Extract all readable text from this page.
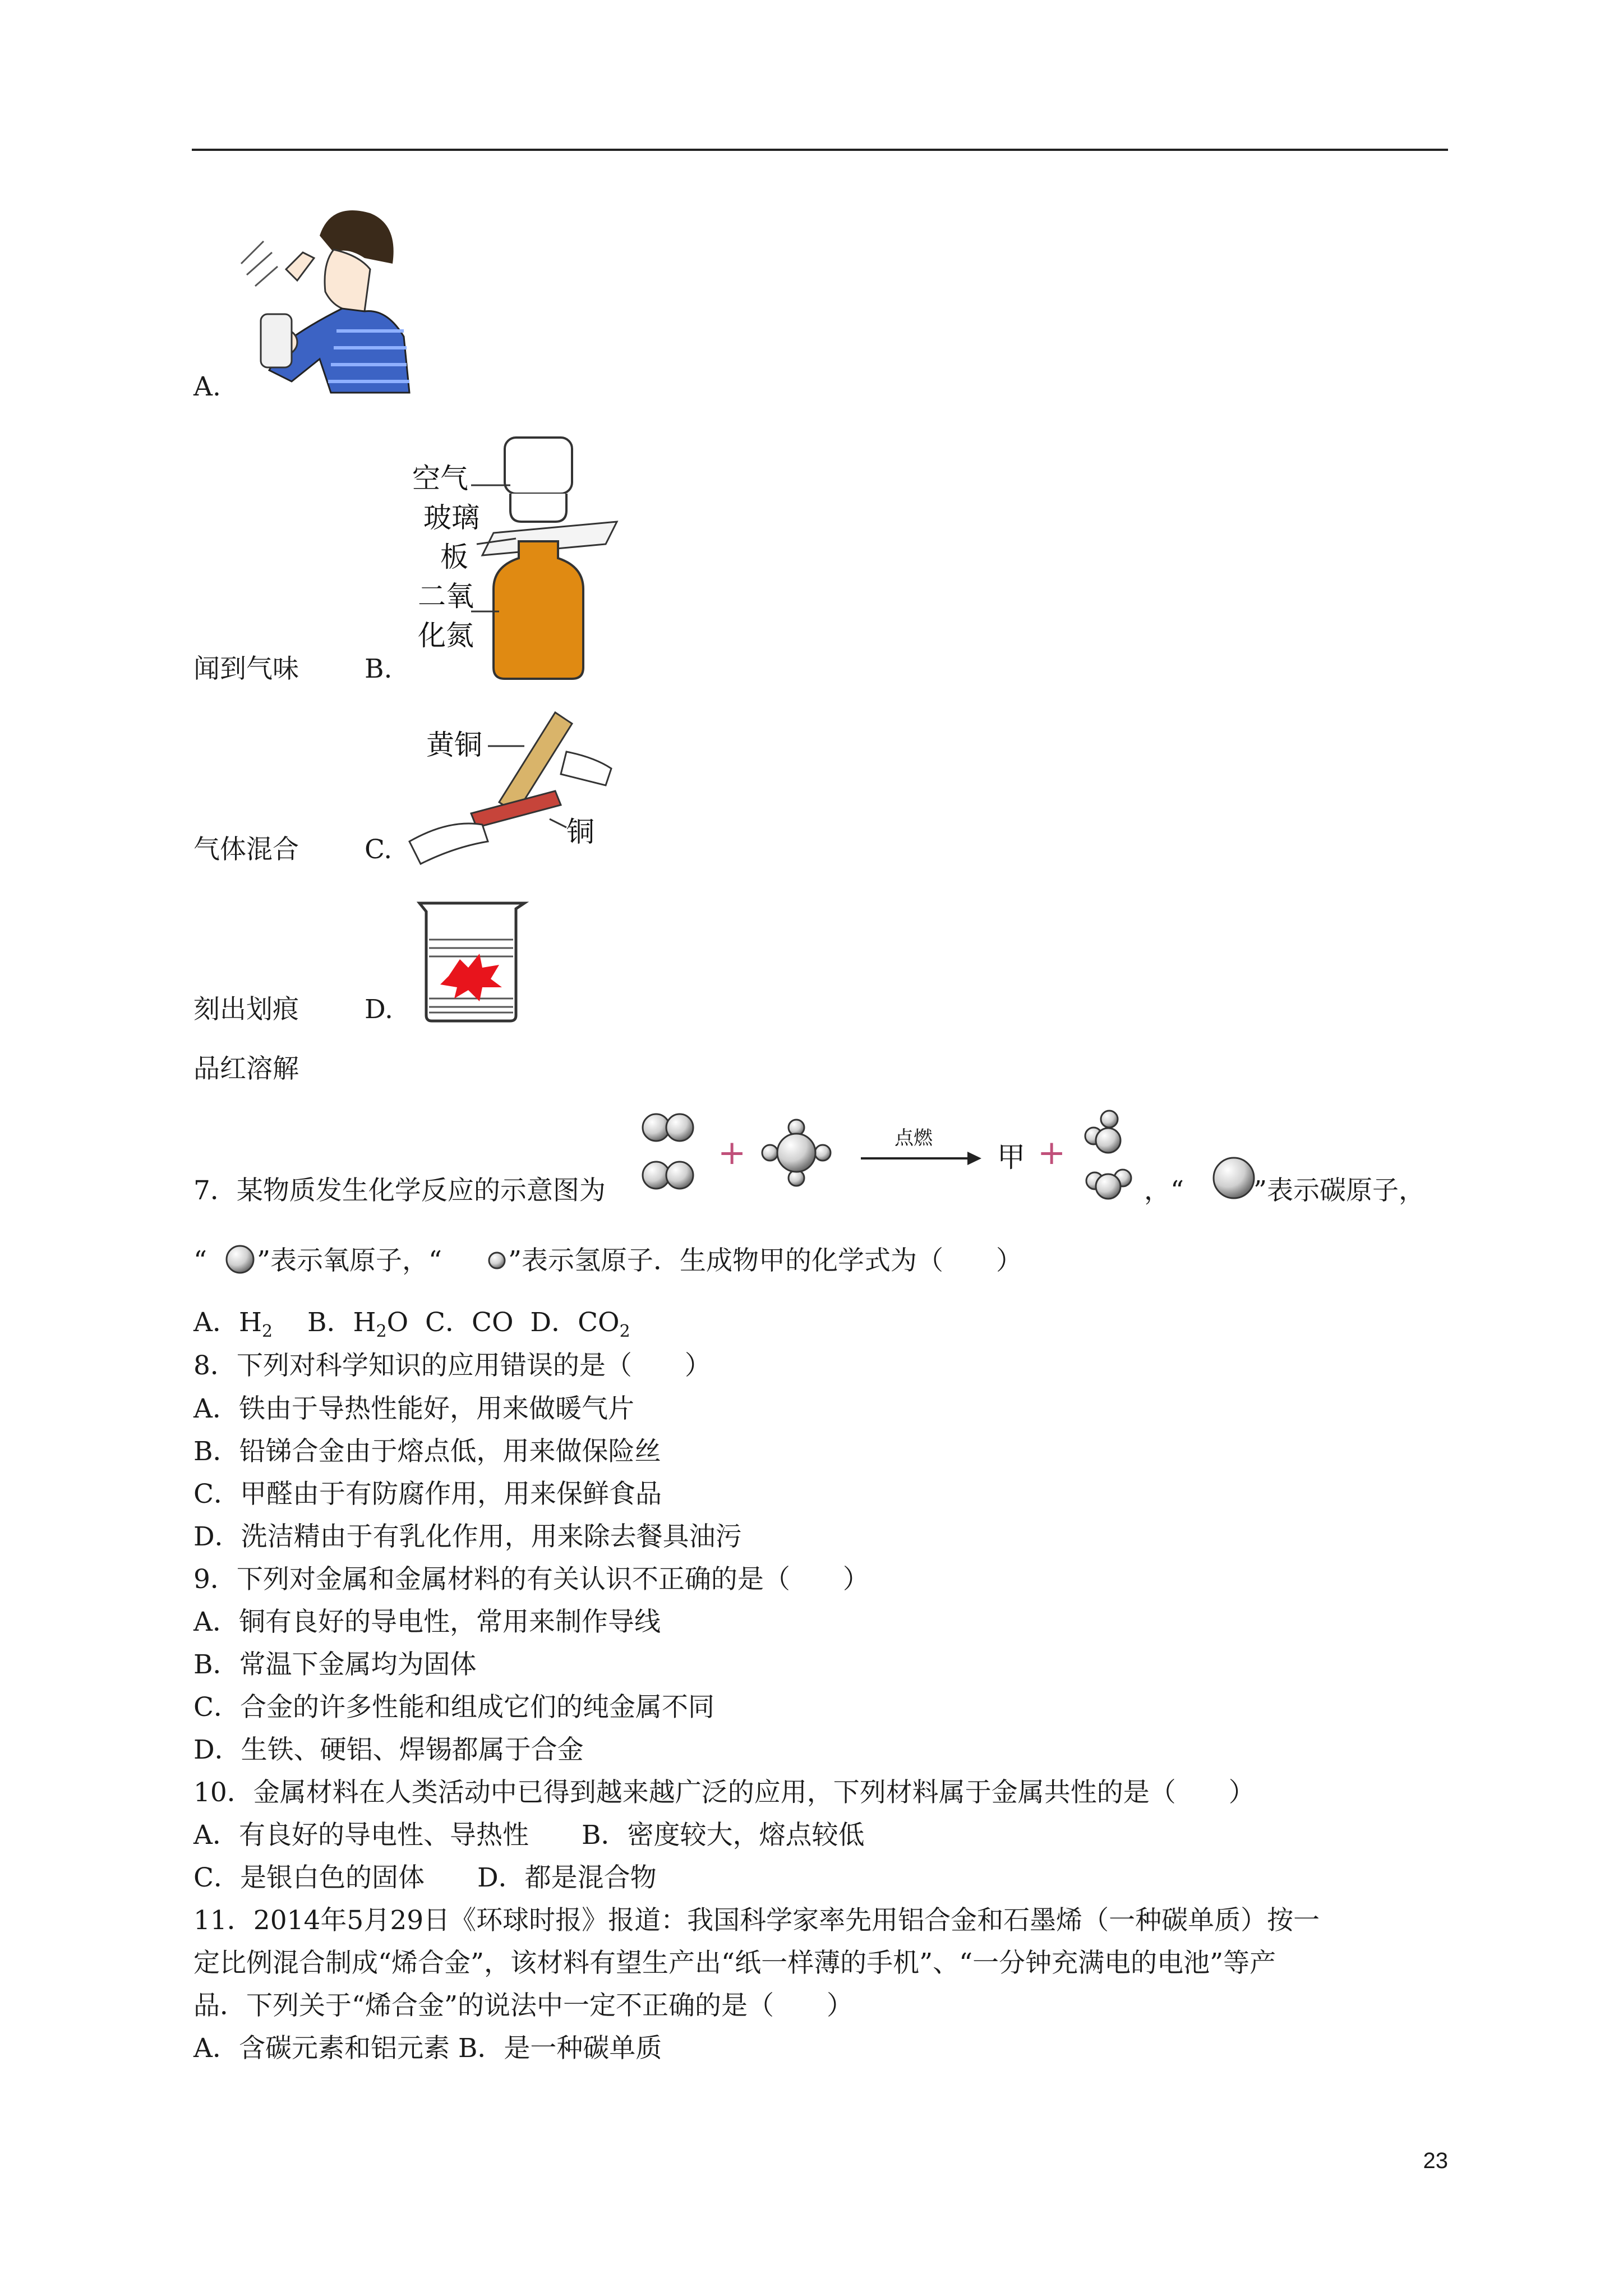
A.
空气
玻璃
板
二氧
化氮
闻到气味 B.
黄铜
铜
气体混合 C.
刻出划痕 D.
品红溶解
7．某物质发生化学反应的示意图为
+	点燃
甲 +
，“	”表示碳原子，
“ ”表示氧原子，“	”表示氢原子．生成物甲的化学式为（　　）
A．$H_2$　 B．$H_2O$ C．CO D．$CO_2$
8．下列对科学知识的应用错误的是（　　）
A．铁由于导热性能好，用来做暖气片
B．铅锑合金由于熔点低，用来做保险丝
C．甲醛由于有防腐作用，用来保鲜食品
D．洗洁精由于有乳化作用，用来除去餐具油污
9．下列对金属和金属材料的有关认识不正确的是（　　）
A．铜有良好的导电性，常用来制作导线
B．常温下金属均为固体
C．合金的许多性能和组成它们的纯金属不同
D．生铁、硬铝、焊锡都属于合金
10．金属材料在人类活动中已得到越来越广泛的应用，下列材料属于金属共性的是（　　）
A．有良好的导电性、导热性　　B．密度较大，熔点较低
C．是银白色的固体　　D．都是混合物
11．2014年5月29日《环球时报》报道：我国科学家率先用铝合金和石墨烯（一种碳单质）按一
定比例混合制成“烯合金”，该材料有望生产出“纸一样薄的手机”、“一分钟充满电的电池”等产
品．下列关于“烯合金”的说法中一定不正确的是（　　）
A．含碳元素和铝元素 B．是一种碳单质
23
